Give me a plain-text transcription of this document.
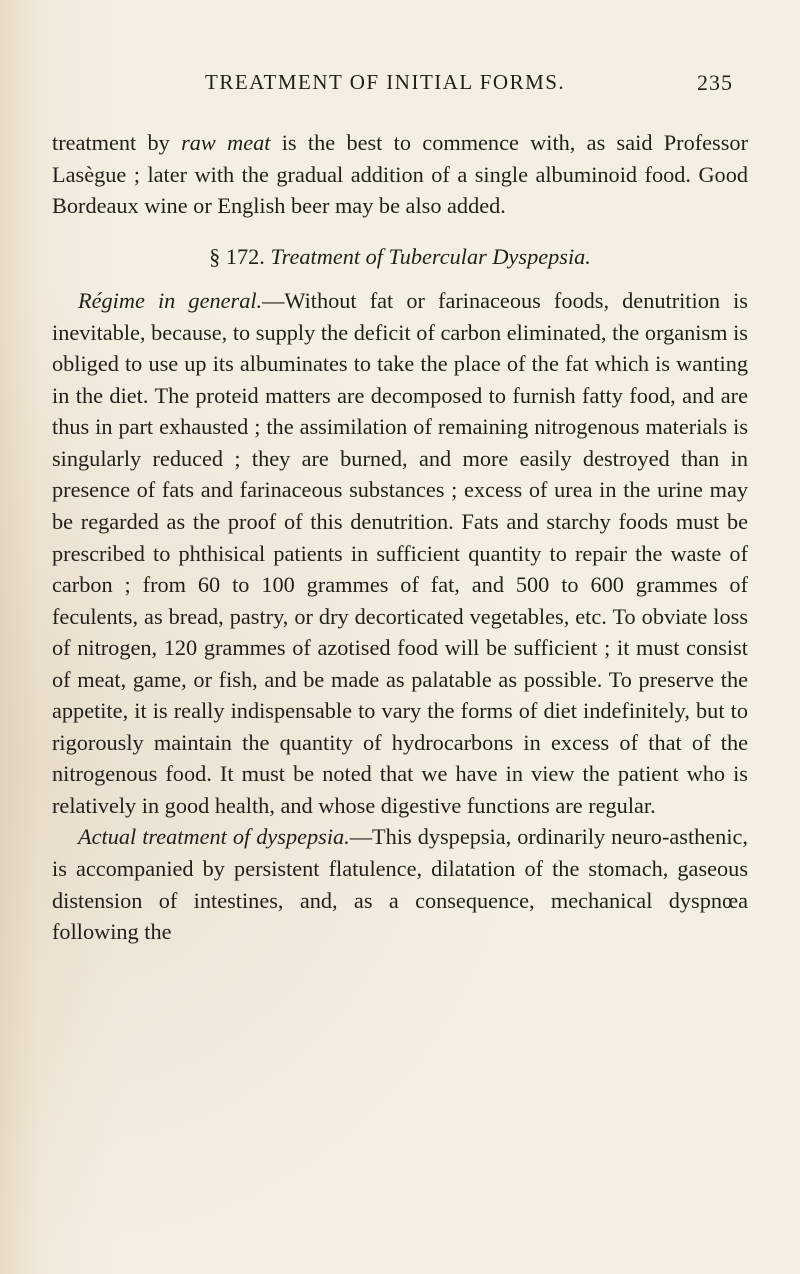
TREATMENT OF INITIAL FORMS.	235

treatment by raw meat is the best to commence with, as said Professor Lasègue ; later with the gradual addition of a single albuminoid food. Good Bordeaux wine or English beer may be also added.

§ 172. Treatment of Tubercular Dyspepsia.

Régime in general.—Without fat or farinaceous foods, denutrition is inevitable, because, to supply the deficit of carbon eliminated, the organism is obliged to use up its albuminates to take the place of the fat which is wanting in the diet. The proteid matters are decomposed to furnish fatty food, and are thus in part exhausted ; the assimilation of remaining nitrogenous materials is singularly reduced ; they are burned, and more easily destroyed than in presence of fats and farinaceous substances ; excess of urea in the urine may be regarded as the proof of this denutrition. Fats and starchy foods must be prescribed to phthisical patients in sufficient quantity to repair the waste of carbon ; from 60 to 100 grammes of fat, and 500 to 600 grammes of feculents, as bread, pastry, or dry decorticated vegetables, etc. To obviate loss of nitrogen, 120 grammes of azotised food will be sufficient ; it must consist of meat, game, or fish, and be made as palatable as possible. To preserve the appetite, it is really indispensable to vary the forms of diet indefinitely, but to rigorously maintain the quantity of hydrocarbons in excess of that of the nitrogenous food. It must be noted that we have in view the patient who is relatively in good health, and whose digestive functions are regular.

Actual treatment of dyspepsia.—This dyspepsia, ordinarily neuro-asthenic, is accompanied by persistent flatulence, dilatation of the stomach, gaseous distension of intestines, and, as a consequence, mechanical dyspnœa following the
